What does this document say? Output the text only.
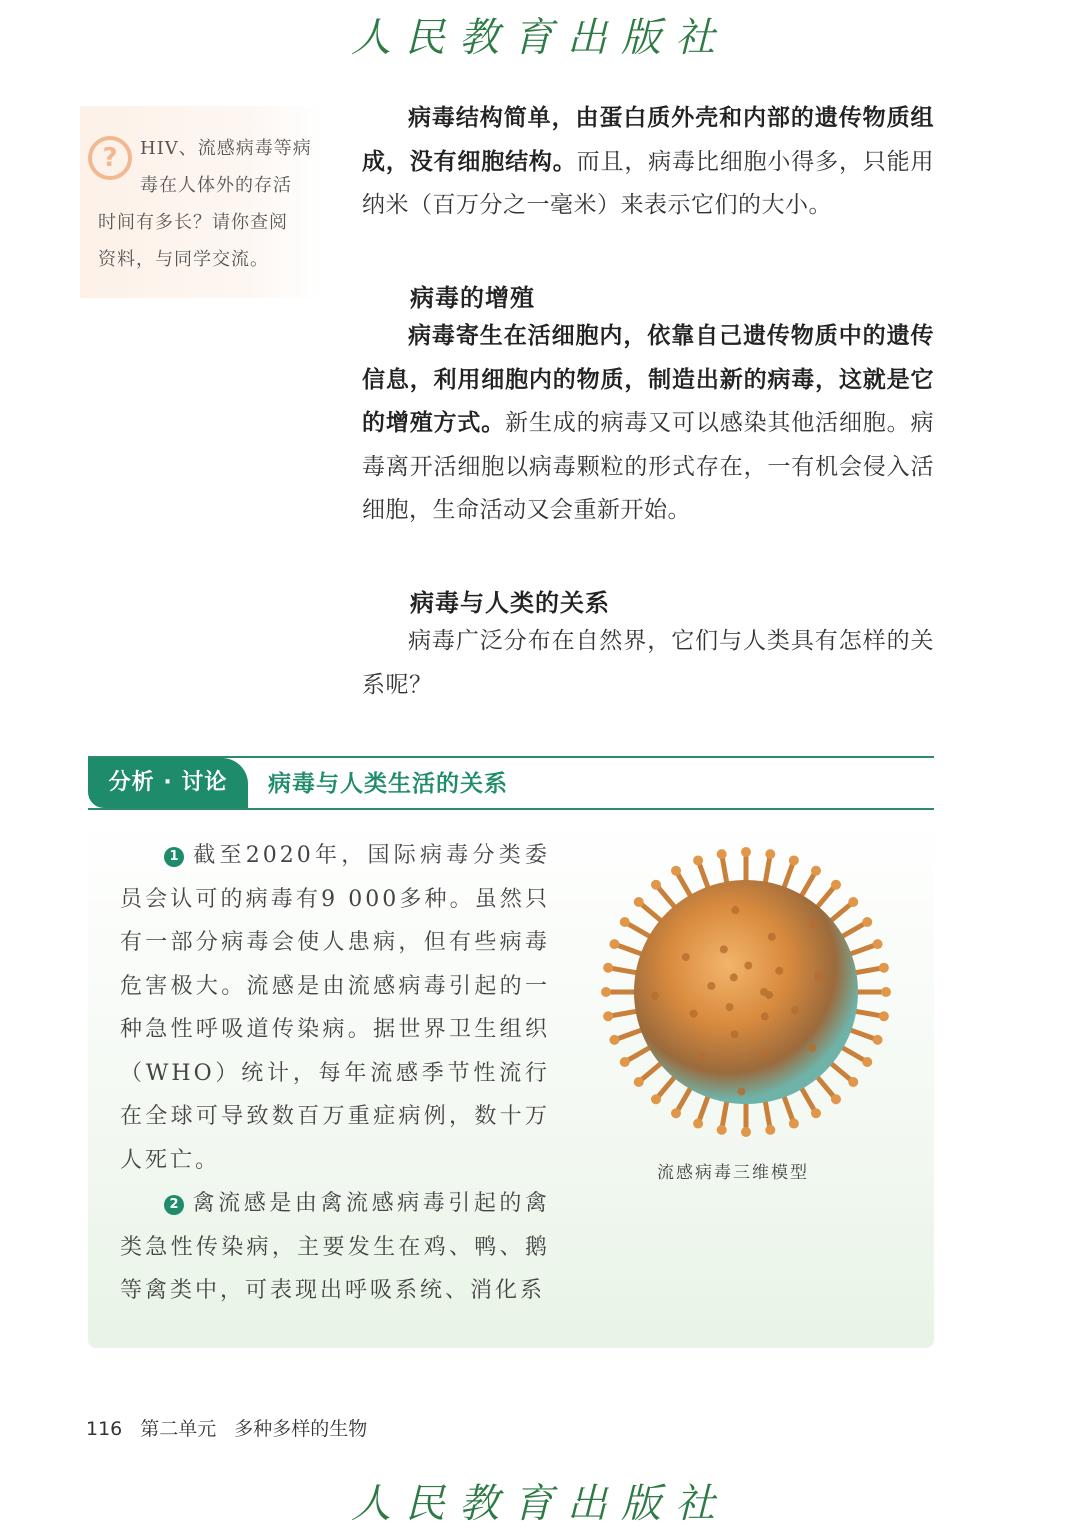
人民教育出版社
?	HIV、流感病毒等病
毒在人体外的存活
时间有多长？请你查阅
资料，与同学交流。

病毒结构简单，由蛋白质外壳和内部的遗传物质组成，没有细胞结构。而且，病毒比细胞小得多，只能用纳米（百万分之一毫米）来表示它们的大小。

病毒的增殖

病毒寄生在活细胞内，依靠自己遗传物质中的遗传信息，利用细胞内的物质，制造出新的病毒，这就是它的增殖方式。新生成的病毒又可以感染其他活细胞。病毒离开活细胞以病毒颗粒的形式存在，一有机会侵入活细胞，生命活动又会重新开始。

病毒与人类的关系

病毒广泛分布在自然界，它们与人类具有怎样的关系呢？

分析 · 讨论	病毒与人类生活的关系

1 截至2020年，国际病毒分类委员会认可的病毒有9 000多种。虽然只有一部分病毒会使人患病，但有些病毒危害极大。流感是由流感病毒引起的一种急性呼吸道传染病。据世界卫生组织（WHO）统计，每年流感季节性流行在全球可导致数百万重症病例，数十万人死亡。

2 禽流感是由禽流感病毒引起的禽类急性传染病，主要发生在鸡、鸭、鹅等禽类中，可表现出呼吸系统、消化系

流感病毒三维模型
116 第二单元 多种多样的生物
人民教育出版社
